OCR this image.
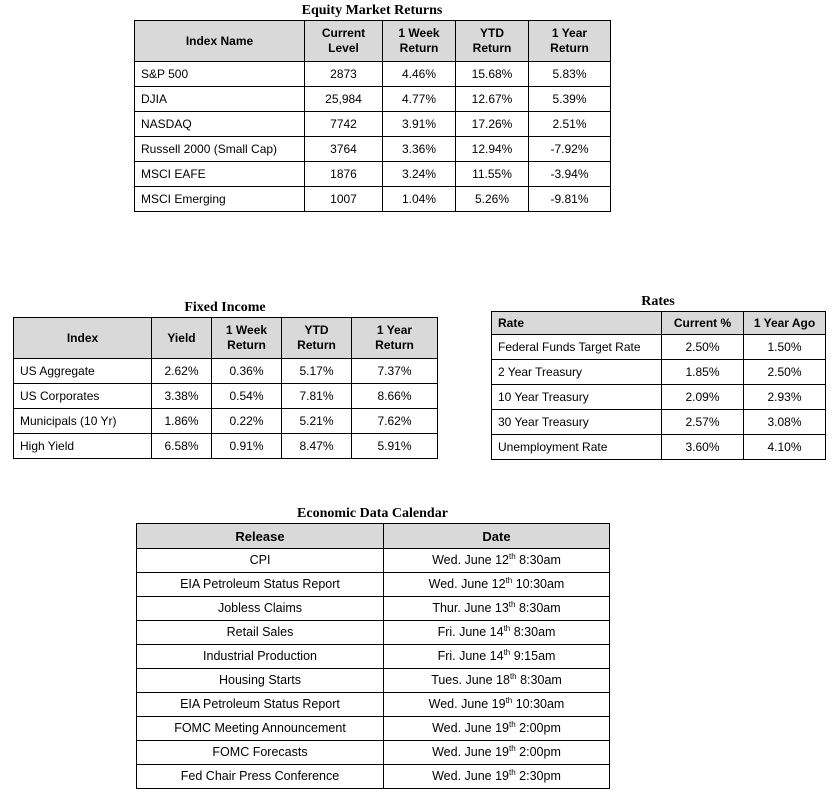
Equity Market Returns
Index Name	Current Level	1 Week Return	YTD Return	1 Year Return
S&P 500	2873	4.46%	15.68%	5.83%
DJIA	25,984	4.77%	12.67%	5.39%
NASDAQ	7742	3.91%	17.26%	2.51%
Russell 2000 (Small Cap)	3764	3.36%	12.94%	-7.92%
MSCI EAFE	1876	3.24%	11.55%	-3.94%
MSCI Emerging	1007	1.04%	5.26%	-9.81%
Fixed Income
Index	Yield	1 Week Return	YTD Return	1 Year Return
US Aggregate	2.62%	0.36%	5.17%	7.37%
US Corporates	3.38%	0.54%	7.81%	8.66%
Municipals (10 Yr)	1.86%	0.22%	5.21%	7.62%
High Yield	6.58%	0.91%	8.47%	5.91%
Rates
Rate	Current %	1 Year Ago
Federal Funds Target Rate	2.50%	1.50%
2 Year Treasury	1.85%	2.50%
10 Year Treasury	2.09%	2.93%
30 Year Treasury	2.57%	3.08%
Unemployment Rate	3.60%	4.10%
Economic Data Calendar
Release	Date
CPI	Wed. June 12th 8:30am
EIA Petroleum Status Report	Wed. June 12th 10:30am
Jobless Claims	Thur. June 13th 8:30am
Retail Sales	Fri. June 14th 8:30am
Industrial Production	Fri. June 14th 9:15am
Housing Starts	Tues. June 18th 8:30am
EIA Petroleum Status Report	Wed. June 19th 10:30am
FOMC Meeting Announcement	Wed. June 19th 2:00pm
FOMC Forecasts	Wed. June 19th 2:00pm
Fed Chair Press Conference	Wed. June 19th 2:30pm
